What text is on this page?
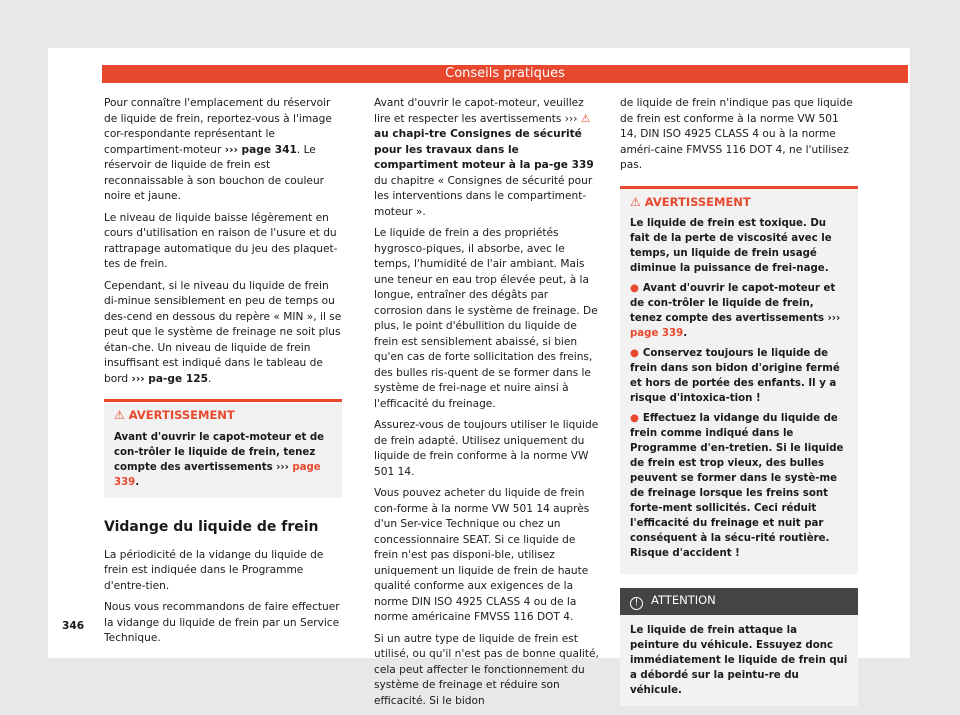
Conseils pratiques

Pour connaître l'emplacement du réservoir de liquide de frein, reportez-vous à l'image cor-respondante représentant le compartiment-moteur ››› page 341. Le réservoir de liquide de frein est reconnaissable à son bouchon de couleur noire et jaune.

Le niveau de liquide baisse légèrement en cours d'utilisation en raison de l'usure et du rattrapage automatique du jeu des plaquet-tes de frein.

Cependant, si le niveau du liquide de frein di-minue sensiblement en peu de temps ou des-cend en dessous du repère « MIN », il se peut que le système de freinage ne soit plus étan-che. Un niveau de liquide de frein insuffisant est indiqué dans le tableau de bord ››› pa-ge 125.

⚠ AVERTISSEMENT
Avant d'ouvrir le capot-moteur et de con-trôler le liquide de frein, tenez compte des avertissements ››› page 339.
Vidange du liquide de frein

La périodicité de la vidange du liquide de frein est indiquée dans le Programme d'entre-tien.

Nous vous recommandons de faire effectuer la vidange du liquide de frein par un Service Technique.

Avant d'ouvrir le capot-moteur, veuillez lire et respecter les avertissements ››› ⚠ au chapi-tre Consignes de sécurité pour les travaux dans le compartiment moteur à la pa-ge 339 du chapitre « Consignes de sécurité pour les interventions dans le compartiment-moteur ».

Le liquide de frein a des propriétés hygrosco-piques, il absorbe, avec le temps, l'humidité de l'air ambiant. Mais une teneur en eau trop élevée peut, à la longue, entraîner des dégâts par corrosion dans le système de freinage. De plus, le point d'ébullition du liquide de frein est sensiblement abaissé, si bien qu'en cas de forte sollicitation des freins, des bulles ris-quent de se former dans le système de frei-nage et nuire ainsi à l'efficacité du freinage.

Assurez-vous de toujours utiliser le liquide de frein adapté. Utilisez uniquement du liquide de frein conforme à la norme VW 501 14.

Vous pouvez acheter du liquide de frein con-forme à la norme VW 501 14 auprès d'un Ser-vice Technique ou chez un concessionnaire SEAT. Si ce liquide de frein n'est pas disponi-ble, utilisez uniquement un liquide de frein de haute qualité conforme aux exigences de la norme DIN ISO 4925 CLASS 4 ou de la norme américaine FMVSS 116 DOT 4.

Si un autre type de liquide de frein est utilisé, ou qu'il n'est pas de bonne qualité, cela peut affecter le fonctionnement du système de freinage et réduire son efficacité. Si le bidon

de liquide de frein n'indique pas que liquide de frein est conforme à la norme VW 501 14, DIN ISO 4925 CLASS 4 ou à la norme améri-caine FMVSS 116 DOT 4, ne l'utilisez pas.

⚠ AVERTISSEMENT

Le liquide de frein est toxique. Du fait de la perte de viscosité avec le temps, un liquide de frein usagé diminue la puissance de frei-nage.

● Avant d'ouvrir le capot-moteur et de con-trôler le liquide de frein, tenez compte des avertissements ››› page 339.

● Conservez toujours le liquide de frein dans son bidon d'origine fermé et hors de portée des enfants. Il y a risque d'intoxica-tion !

● Effectuez la vidange du liquide de frein comme indiqué dans le Programme d'en-tretien. Si le liquide de frein est trop vieux, des bulles peuvent se former dans le systè-me de freinage lorsque les freins sont forte-ment sollicités. Ceci réduit l'efficacité du freinage et nuit par conséquent à la sécu-rité routière. Risque d'accident !

! ATTENTION
Le liquide de frein attaque la peinture du véhicule. Essuyez donc immédiatement le liquide de frein qui a débordé sur la peintu-re du véhicule.
346
